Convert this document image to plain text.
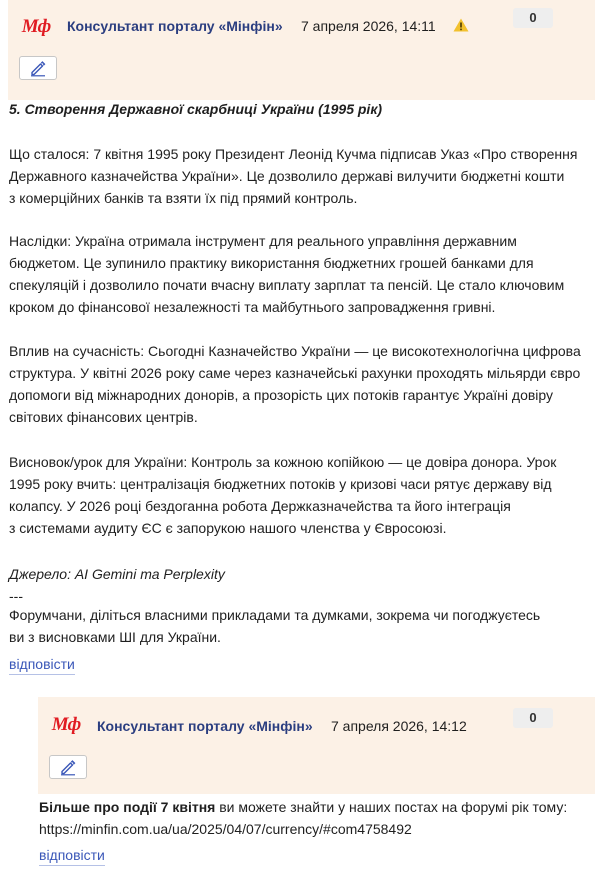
Мф Консультант порталу «Мінфін» 7 апреля 2026, 14:11
0
5. Створення Державної скарбниці України (1995 рік)
Що сталося: 7 квітня 1995 року Президент Леонід Кучма підписав Указ «Про створення
Державного казначейства України». Це дозволило державі вилучити бюджетні кошти
з комерційних банків та взяти їх під прямий контроль.
Наслідки: Україна отримала інструмент для реального управління державним
бюджетом. Це зупинило практику використання бюджетних грошей банками для
спекуляцій і дозволило почати вчасну виплату зарплат та пенсій. Це стало ключовим
кроком до фінансової незалежності та майбутнього запровадження гривні.
Вплив на сучасність: Сьогодні Казначейство України — це високотехнологічна цифрова
структура. У квітні 2026 року саме через казначейські рахунки проходять мільярди євро
допомоги від міжнародних донорів, а прозорість цих потоків гарантує Україні довіру
світових фінансових центрів.
Висновок/урок для України: Контроль за кожною копійкою — це довіра донора. Урок
1995 року вчить: централізація бюджетних потоків у кризові часи рятує державу від
колапсу. У 2026 році бездоганна робота Держказначейства та його інтеграція
з системами аудиту ЄС є запорукою нашого членства у Євросоюзі.
Джерело: AI Gemini та Perplexity
---
Форумчани, діліться власними прикладами та думками, зокрема чи погоджуєтесь
ви з висновками ШІ для України.
відповісти
Мф Консультант порталу «Мінфін» 7 апреля 2026, 14:12
0
Більше про події 7 квітня ви можете знайти у наших постах на форумі рік тому:
https://minfin.com.ua/ua/2025/04/07/currency/#com4758492
відповісти
